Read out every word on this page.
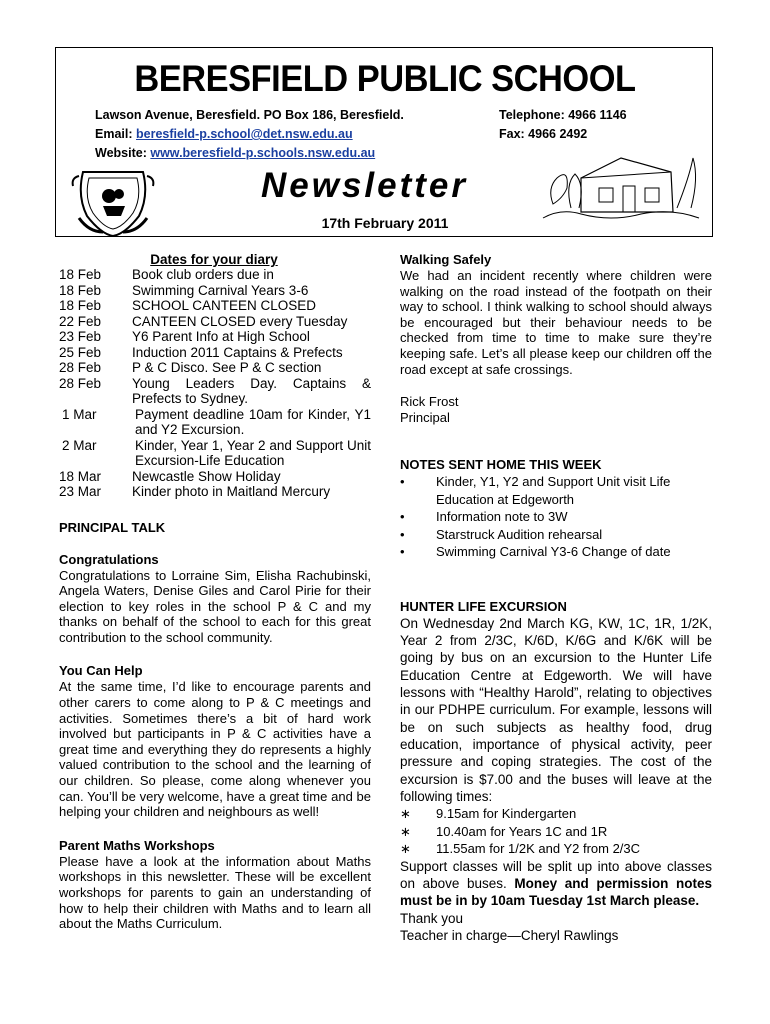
BERESFIELD PUBLIC SCHOOL
Lawson Avenue, Beresfield. PO Box 186, Beresfield.
Email: beresfield-p.school@det.nsw.edu.au
Website: www.beresfield-p.schools.nsw.edu.au
Telephone: 4966 1146
Fax: 4966 2492
Newsletter
17th February 2011
Dates for your diary
18 Feb	Book club orders due in
18 Feb	Swimming Carnival Years 3-6
18 Feb	SCHOOL CANTEEN CLOSED
22 Feb	CANTEEN CLOSED every Tuesday
23 Feb	Y6 Parent Info at High School
25 Feb	Induction 2011 Captains & Prefects
28 Feb	P & C Disco. See P & C section
28 Feb	Young Leaders Day. Captains & Prefects to Sydney.
1 Mar	Payment deadline 10am for Kinder, Y1 and Y2 Excursion.
2 Mar	Kinder, Year 1, Year 2 and Support Unit Excursion-Life Education
18 Mar	Newcastle Show Holiday
23 Mar	Kinder photo in Maitland Mercury
PRINCIPAL TALK
Congratulations
Congratulations to Lorraine Sim, Elisha Rachubinski, Angela Waters, Denise Giles and Carol Pirie for their election to key roles in the school P & C and my thanks on behalf of the school to each for this great contribution to the school community.
You Can Help
At the same time, I’d like to encourage parents and other carers to come along to P & C meetings and activities. Sometimes there’s a bit of hard work involved but participants in P & C activities have a great time and everything they do represents a highly valued contribution to the school and the learning of our children. So please, come along whenever you can. You’ll be very welcome, have a great time and be helping your children and neighbours as well!
Parent Maths Workshops
Please have a look at the information about Maths workshops in this newsletter. These will be excellent workshops for parents to gain an understanding of how to help their children with Maths and to learn all about the Maths Curriculum.
Walking Safely
We had an incident recently where children were walking on the road instead of the footpath on their way to school. I think walking to school should always be encouraged but their behaviour needs to be checked from time to time to make sure they’re keeping safe. Let’s all please keep our children off the road except at safe crossings.
Rick Frost
Principal
NOTES SENT HOME THIS WEEK
•	Kinder, Y1, Y2 and Support Unit visit Life Education at Edgeworth
•	Information note to 3W
•	Starstruck Audition rehearsal
•	Swimming Carnival Y3-6 Change of date
HUNTER LIFE EXCURSION
On Wednesday 2nd March KG, KW, 1C, 1R, 1/2K, Year 2 from 2/3C, K/6D, K/6G and K/6K will be going by bus on an excursion to the Hunter Life Education Centre at Edgeworth. We will have lessons with “Healthy Harold”, relating to objectives in our PDHPE curriculum. For example, lessons will be on such subjects as healthy food, drug education, importance of physical activity, peer pressure and coping strategies. The cost of the excursion is $7.00 and the buses will leave at the following times:
∗ 9.15am for Kindergarten
∗ 10.40am for Years 1C and 1R
∗ 11.55am for 1/2K and Y2 from 2/3C
Support classes will be split up into above classes on above buses. Money and permission notes must be in by 10am Tuesday 1st March please.
Thank you
Teacher in charge—Cheryl Rawlings
